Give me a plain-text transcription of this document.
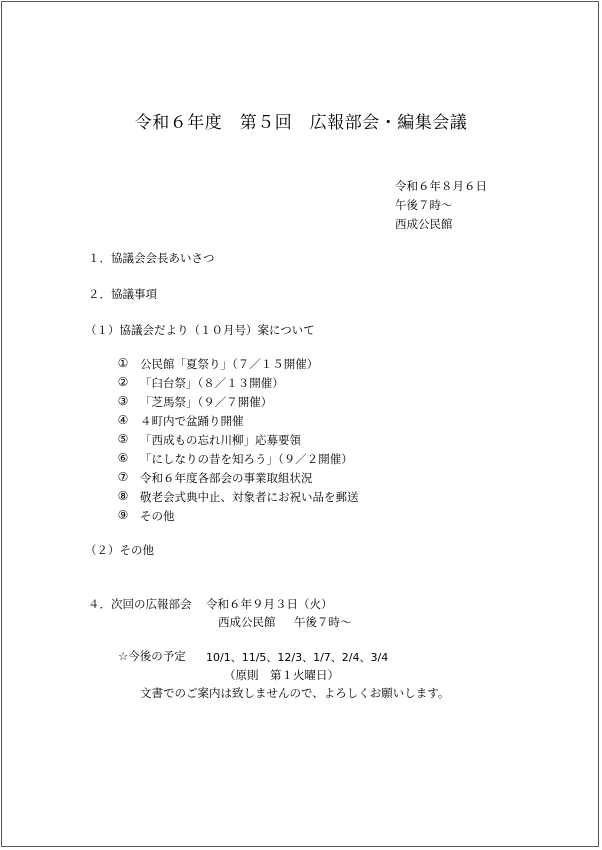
令和６年度　第５回　広報部会・編集会議
令和６年８月６日
午後７時～
西成公民館
１．協議会会長あいさつ
２．協議事項
（１）協議会だより（１０月号）案について
① 公民館「夏祭り」（７／１５開催）
② 「臼台祭」（８／１３開催）
③ 「芝馬祭」（９／７開催）
④ ４町内で盆踊り開催
⑤ 「西成もの忘れ川柳」応募要領
⑥ 「にしなりの昔を知ろう」（９／２開催）
⑦ 令和６年度各部会の事業取組状況
⑧ 敬老会式典中止、対象者にお祝い品を郵送
⑨ その他
（２）その他
４．次回の広報部会 令和６年９月３日（火）
西成公民館 午後７時～
☆今後の予定 10/1、11/5、12/3、1/7、2/4、3/4
（原則　第１火曜日）
文書でのご案内は致しませんので、よろしくお願いします。
